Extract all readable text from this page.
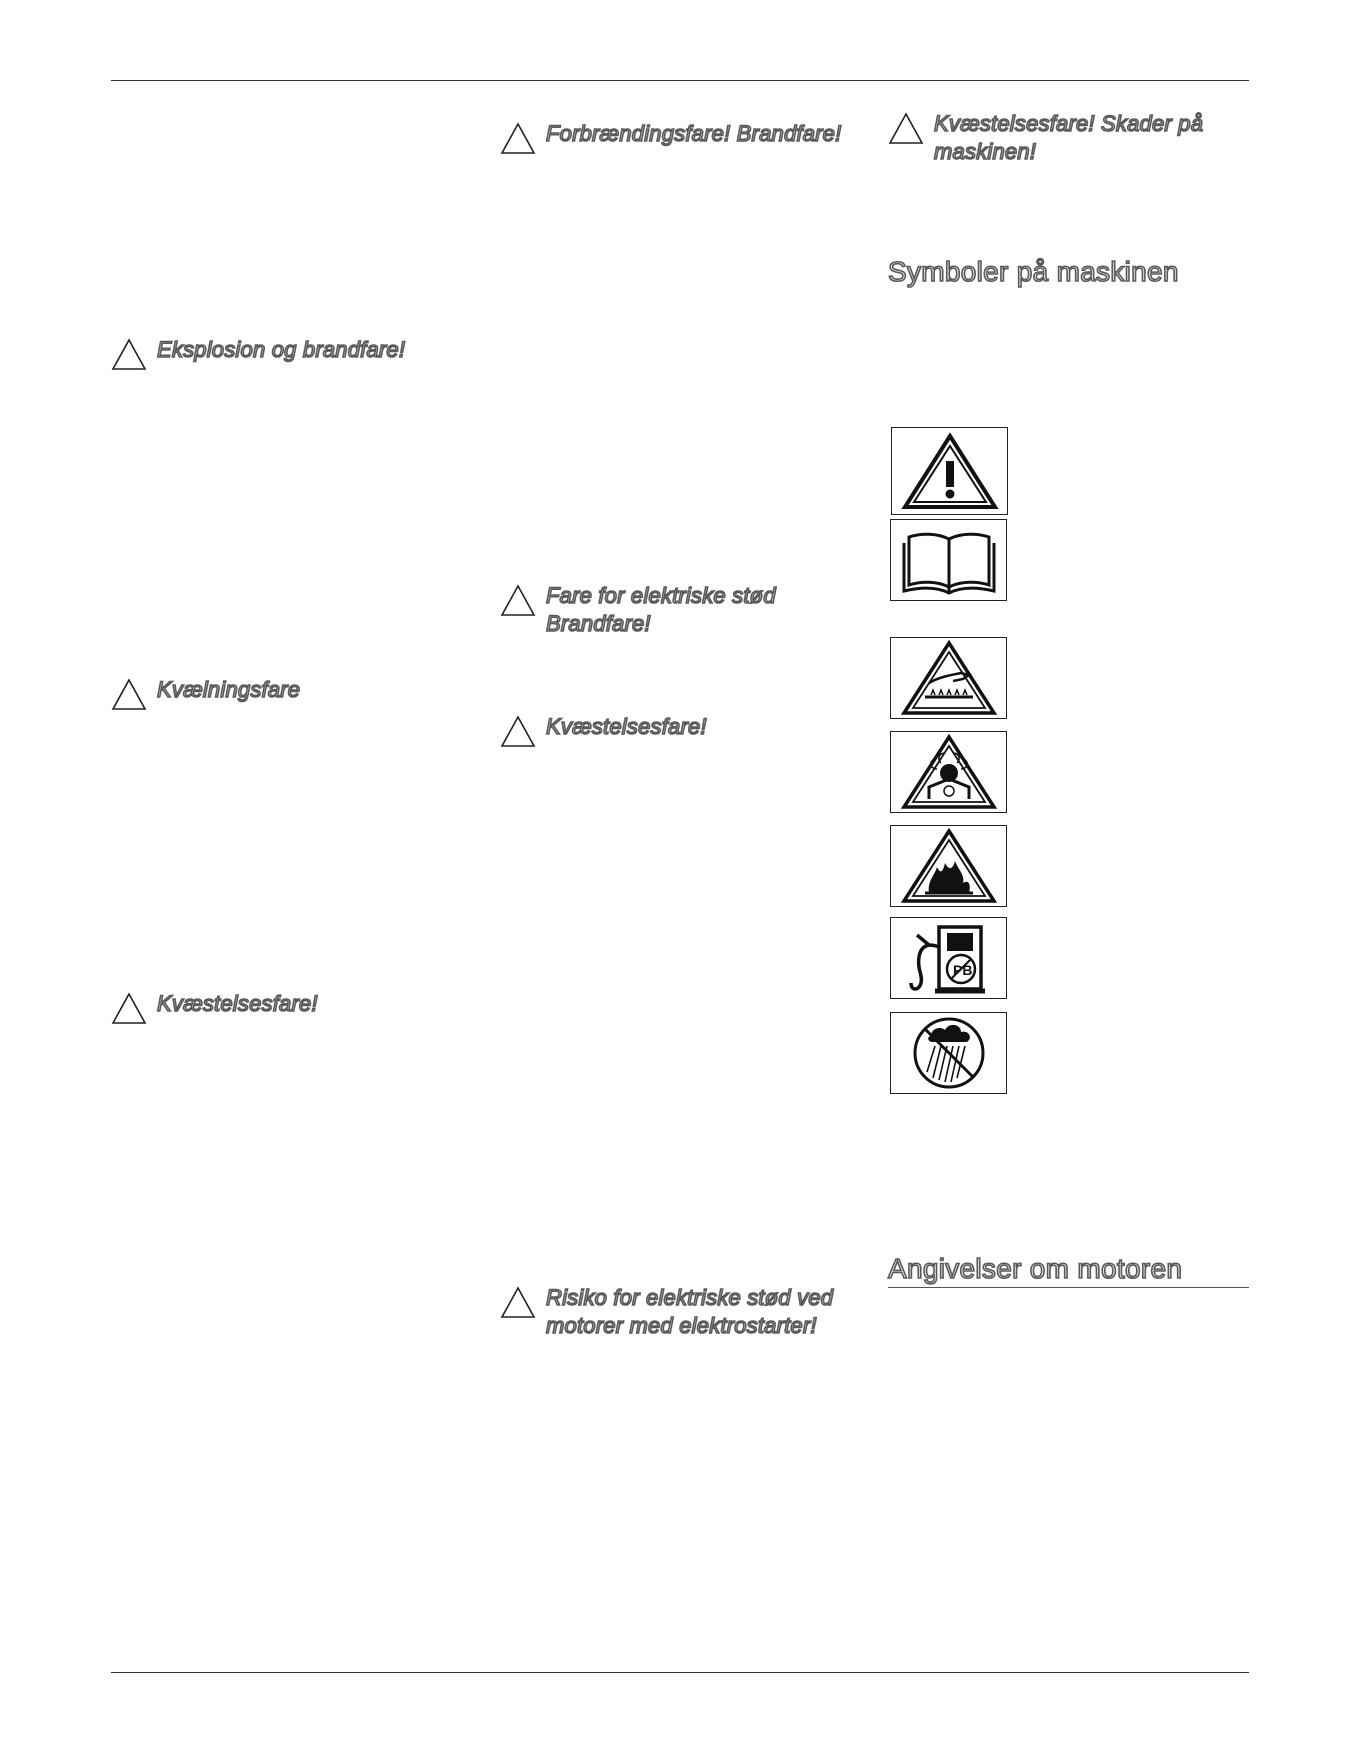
Eksplosion og brandfare!
Kvælningsfare
Kvæstelsesfare!
Forbrændingsfare! Brandfare!
Fare for elektriske stød
Brandfare!
Kvæstelsesfare!
Risiko for elektriske stød ved
motorer med elektrostarter!
Kvæstelsesfare! Skader på
maskinen!
Symboler på maskinen
PB
Angivelser om motoren
